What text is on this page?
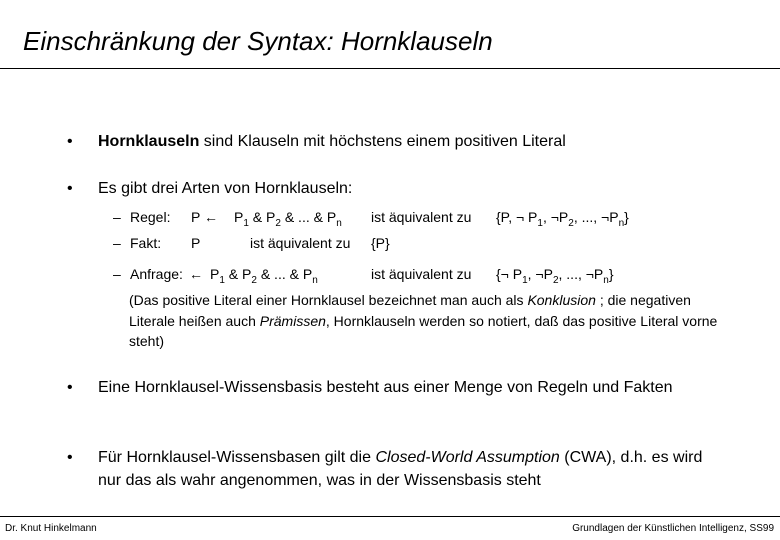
Einschränkung der Syntax: Hornklauseln
• Hornklauseln sind Klauseln mit höchstens einem positiven Literal
• Es gibt drei Arten von Hornklauseln:
– Regel: P ← $P_1$ & $P_2$ & ... & $P_n$ ist äquivalent zu {P, ¬ $P_1$, $\neg P_2$, ..., $\neg P_n$}
– Fakt: P	ist äquivalent zu {P}
– Anfrage: ← $P_1$ & $P_2$ & ... & $P_n$	ist äquivalent zu {¬ $P_1$, $\neg P_2$, ..., $\neg P_n$}
(Das positive Literal einer Hornklausel bezeichnet man auch als Konklusion ; die negativen Literale heißen auch Prämissen, Hornklauseln werden so notiert, daß das positive Literal vorne steht)
• Eine Hornklausel-Wissensbasis besteht aus einer Menge von Regeln und Fakten
• Für Hornklausel-Wissensbasen gilt die Closed-World Assumption (CWA), d.h. es wird nur das als wahr angenommen, was in der Wissensbasis steht
Dr. Knut Hinkelmann	Grundlagen der Künstlichen Intelligenz, SS99
